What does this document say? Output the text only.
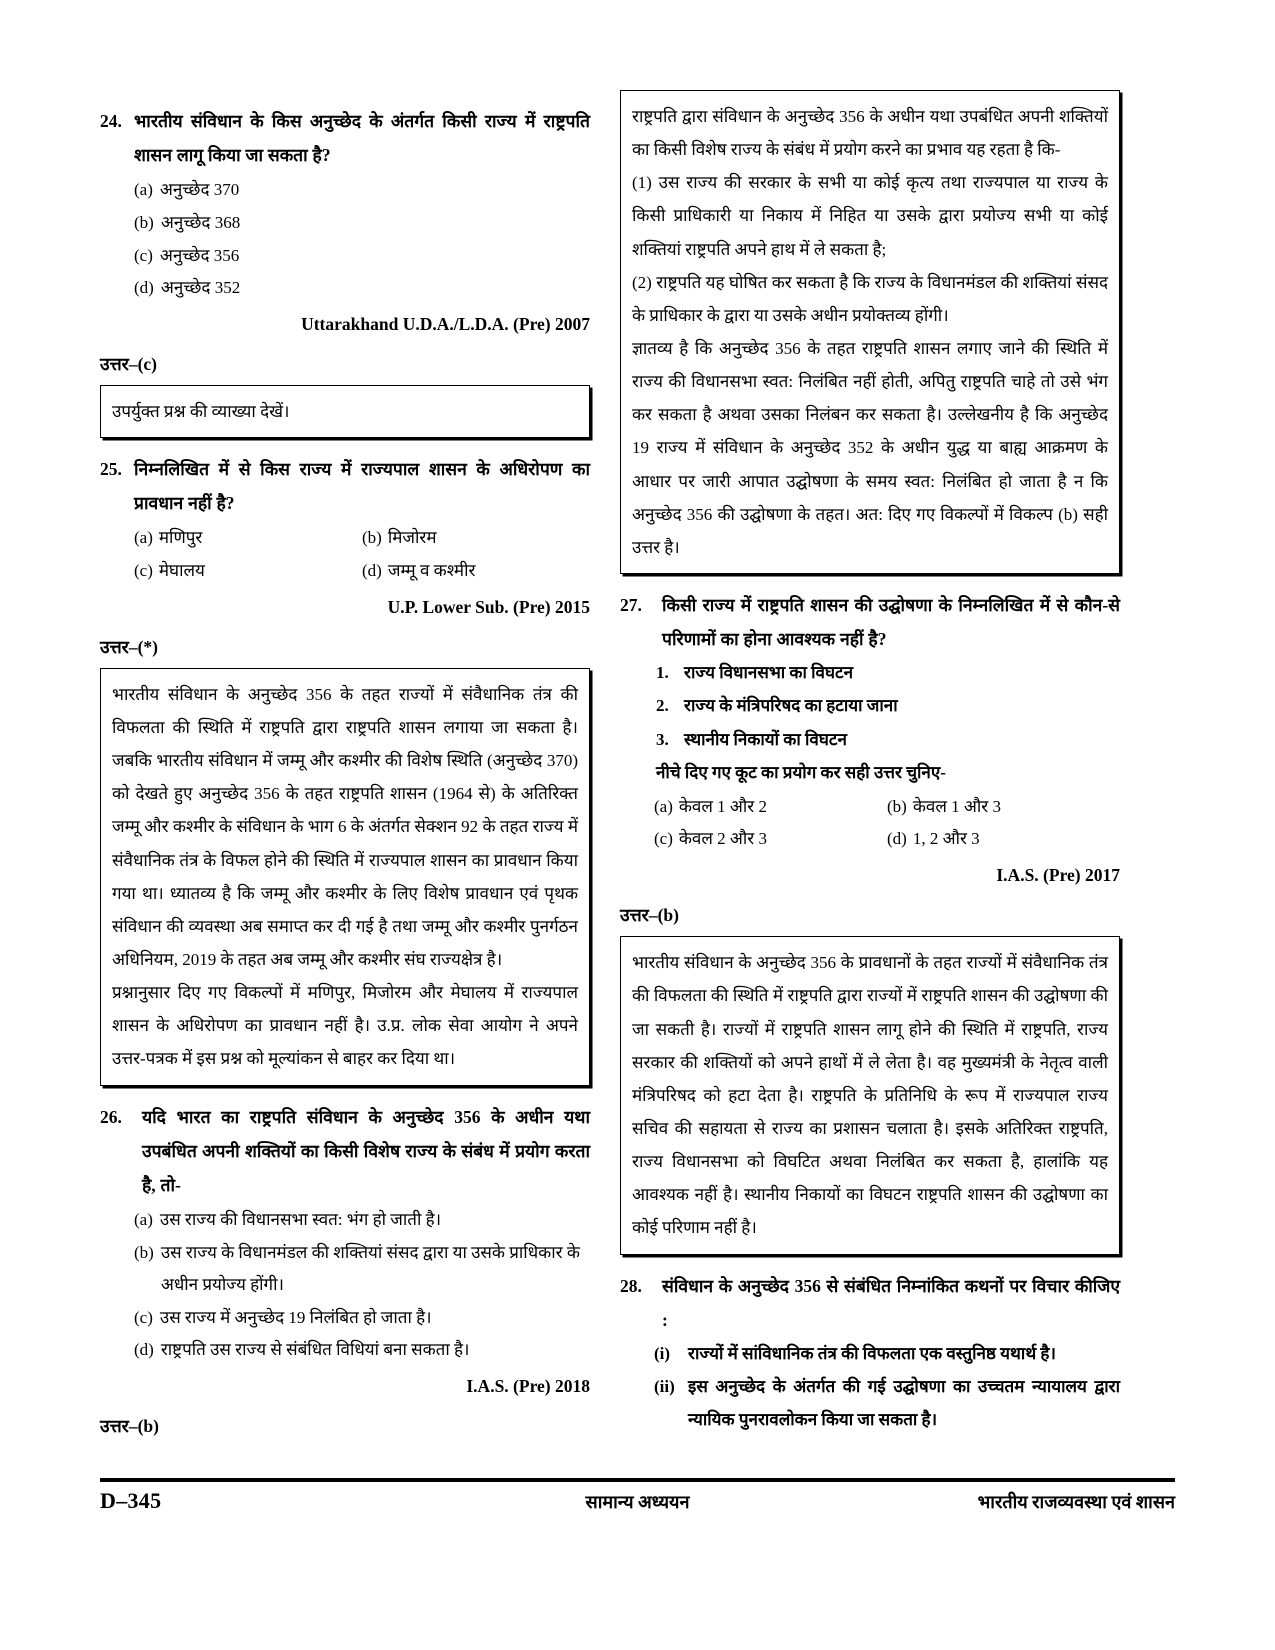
24. भारतीय संविधान के किस अनुच्छेद के अंतर्गत किसी राज्य में राष्ट्रपति शासन लागू किया जा सकता है?
(a) अनुच्छेद 370
(b) अनुच्छेद 368
(c) अनुच्छेद 356
(d) अनुच्छेद 352
Uttarakhand U.D.A./L.D.A. (Pre) 2007
उत्तर–(c)

उपर्युक्त प्रश्न की व्याख्या देखें।

25. निम्नलिखित में से किस राज्य में राज्यपाल शासन के अधिरोपण का प्रावधान नहीं है?
(a) मणिपुर	(b) मिजोरम
(c) मेघालय	(d) जम्मू व कश्मीर
U.P. Lower Sub. (Pre) 2015
उत्तर–(*)

भारतीय संविधान के अनुच्छेद 356 के तहत राज्यों में संवैधानिक तंत्र की विफलता की स्थिति में राष्ट्रपति द्वारा राष्ट्रपति शासन लगाया जा सकता है। जबकि भारतीय संविधान में जम्मू और कश्मीर की विशेष स्थिति (अनुच्छेद 370) को देखते हुए अनुच्छेद 356 के तहत राष्ट्रपति शासन (1964 से) के अतिरिक्त जम्मू और कश्मीर के संविधान के भाग 6 के अंतर्गत सेक्शन 92 के तहत राज्य में संवैधानिक तंत्र के विफल होने की स्थिति में राज्यपाल शासन का प्रावधान किया गया था। ध्यातव्य है कि जम्मू और कश्मीर के लिए विशेष प्रावधान एवं पृथक संविधान की व्यवस्था अब समाप्त कर दी गई है तथा जम्मू और कश्मीर पुनर्गठन अधिनियम, 2019 के तहत अब जम्मू और कश्मीर संघ राज्यक्षेत्र है।

प्रश्नानुसार दिए गए विकल्पों में मणिपुर, मिजोरम और मेघालय में राज्यपाल शासन के अधिरोपण का प्रावधान नहीं है। उ.प्र. लोक सेवा आयोग ने अपने उत्तर-पत्रक में इस प्रश्न को मूल्यांकन से बाहर कर दिया था।

26.	यदि भारत का राष्ट्रपति संविधान के अनुच्छेद 356 के अधीन यथा उपबंधित अपनी शक्तियों का किसी विशेष राज्य के संबंध में प्रयोग करता है, तो-
(a) उस राज्य की विधानसभा स्वत: भंग हो जाती है।
(b) उस राज्य के विधानमंडल की शक्तियां संसद द्वारा या उसके प्राधिकार के अधीन प्रयोज्य होंगी।
(c) उस राज्य में अनुच्छेद 19 निलंबित हो जाता है।
(d) राष्ट्रपति उस राज्य से संबंधित विधियां बना सकता है।
I.A.S. (Pre) 2018
उत्तर–(b)

राष्ट्रपति द्वारा संविधान के अनुच्छेद 356 के अधीन यथा उपबंधित अपनी शक्तियों का किसी विशेष राज्य के संबंध में प्रयोग करने का प्रभाव यह रहता है कि-

(1) उस राज्य की सरकार के सभी या कोई कृत्य तथा राज्यपाल या राज्य के किसी प्राधिकारी या निकाय में निहित या उसके द्वारा प्रयोज्य सभी या कोई शक्तियां राष्ट्रपति अपने हाथ में ले सकता है;

(2) राष्ट्रपति यह घोषित कर सकता है कि राज्य के विधानमंडल की शक्तियां संसद के प्राधिकार के द्वारा या उसके अधीन प्रयोक्तव्य होंगी।

ज्ञातव्य है कि अनुच्छेद 356 के तहत राष्ट्रपति शासन लगाए जाने की स्थिति में राज्य की विधानसभा स्वत: निलंबित नहीं होती, अपितु राष्ट्रपति चाहे तो उसे भंग कर सकता है अथवा उसका निलंबन कर सकता है। उल्लेखनीय है कि अनुच्छेद 19 राज्य में संविधान के अनुच्छेद 352 के अधीन युद्ध या बाह्य आक्रमण के आधार पर जारी आपात उद्घोषणा के समय स्वत: निलंबित हो जाता है न कि अनुच्छेद 356 की उद्घोषणा के तहत। अत: दिए गए विकल्पों में विकल्प (b) सही उत्तर है।

27.	किसी राज्य में राष्ट्रपति शासन की उद्घोषणा के निम्नलिखित में से कौन-से परिणामों का होना आवश्यक नहीं है?
1. राज्य विधानसभा का विघटन
2. राज्य के मंत्रिपरिषद का हटाया जाना
3. स्थानीय निकायों का विघटन
नीचे दिए गए कूट का प्रयोग कर सही उत्तर चुनिए-
(a) केवल 1 और 2	(b) केवल 1 और 3
(c) केवल 2 और 3	(d) 1, 2 और 3
I.A.S. (Pre) 2017
उत्तर–(b)

भारतीय संविधान के अनुच्छेद 356 के प्रावधानों के तहत राज्यों में संवैधानिक तंत्र की विफलता की स्थिति में राष्ट्रपति द्वारा राज्यों में राष्ट्रपति शासन की उद्घोषणा की जा सकती है। राज्यों में राष्ट्रपति शासन लागू होने की स्थिति में राष्ट्रपति, राज्य सरकार की शक्तियों को अपने हाथों में ले लेता है। वह मुख्यमंत्री के नेतृत्व वाली मंत्रिपरिषद को हटा देता है। राष्ट्रपति के प्रतिनिधि के रूप में राज्यपाल राज्य सचिव की सहायता से राज्य का प्रशासन चलाता है। इसके अतिरिक्त राष्ट्रपति, राज्य विधानसभा को विघटित अथवा निलंबित कर सकता है, हालांकि यह आवश्यक नहीं है। स्थानीय निकायों का विघटन राष्ट्रपति शासन की उद्घोषणा का कोई परिणाम नहीं है।

28.	संविधान के अनुच्छेद 356 से संबंधित निम्नांकित कथनों पर विचार कीजिए :
(i)	राज्यों में सांविधानिक तंत्र की विफलता एक वस्तुनिष्ठ यथार्थ है।
(ii) इस अनुच्छेद के अंतर्गत की गई उद्घोषणा का उच्चतम न्यायालय द्वारा न्यायिक पुनरावलोकन किया जा सकता है।
D–345	सामान्य अध्ययन	भारतीय राजव्यवस्था एवं शासन
